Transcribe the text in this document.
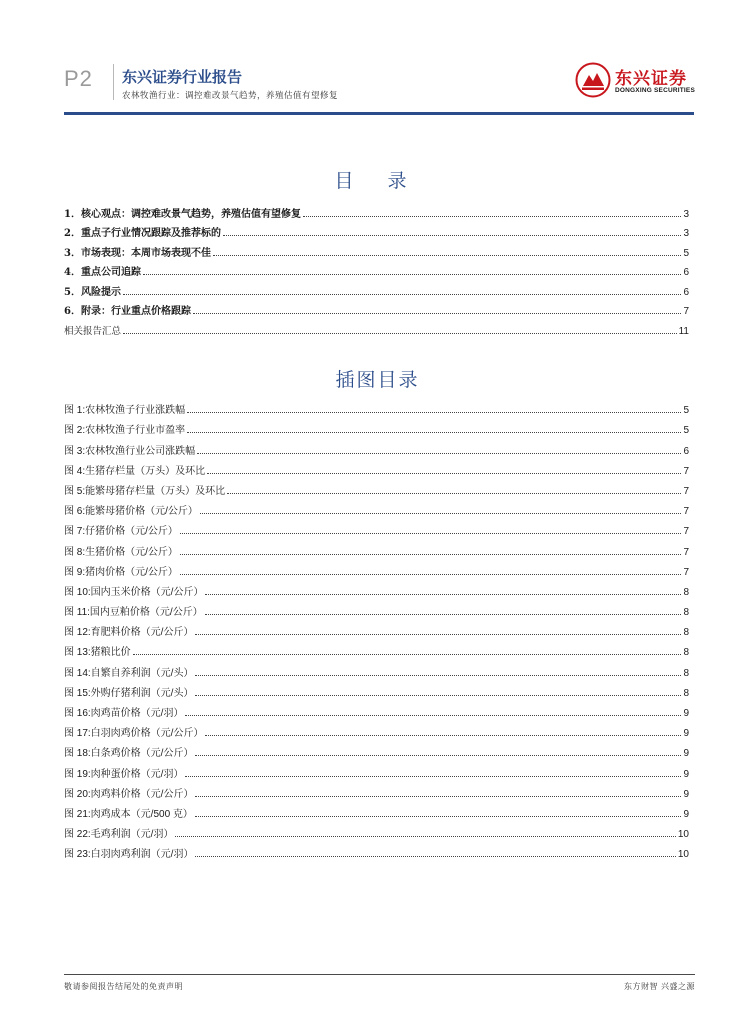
P2 东兴证券行业报告
农林牧渔行业：调控难改景气趋势，养殖估值有望修复
东兴证券
DONGXING SECURITIES
目 录
1．核心观点：调控难改景气趋势，养殖估值有望修复	3
2．重点子行业情况跟踪及推荐标的	3
3．市场表现：本周市场表现不佳	5
4．重点公司追踪	6
5．风险提示	6
6．附录：行业重点价格跟踪	7
相关报告汇总	11
插图目录
图 1:农林牧渔子行业涨跌幅	5
图 2:农林牧渔子行业市盈率	5
图 3:农林牧渔行业公司涨跌幅	6
图 4:生猪存栏量（万头）及环比	7
图 5:能繁母猪存栏量（万头）及环比	7
图 6:能繁母猪价格（元/公斤）	7
图 7:仔猪价格（元/公斤）	7
图 8:生猪价格（元/公斤）	7
图 9:猪肉价格（元/公斤）	7
图 10:国内玉米价格（元/公斤）	8
图 11:国内豆粕价格（元/公斤）	8
图 12:育肥料价格（元/公斤）	8
图 13:猪粮比价	8
图 14:自繁自养利润（元/头）	8
图 15:外购仔猪利润（元/头）	8
图 16:肉鸡苗价格（元/羽）	9
图 17:白羽肉鸡价格（元/公斤）	9
图 18:白条鸡价格（元/公斤）	9
图 19:肉种蛋价格（元/羽）	9
图 20:肉鸡料价格（元/公斤）	9
图 21:肉鸡成本（元/500 克）	9
图 22:毛鸡利润（元/羽）	10
图 23:白羽肉鸡利润（元/羽）	10
敬请参阅报告结尾处的免责声明	东方财智 兴盛之源
